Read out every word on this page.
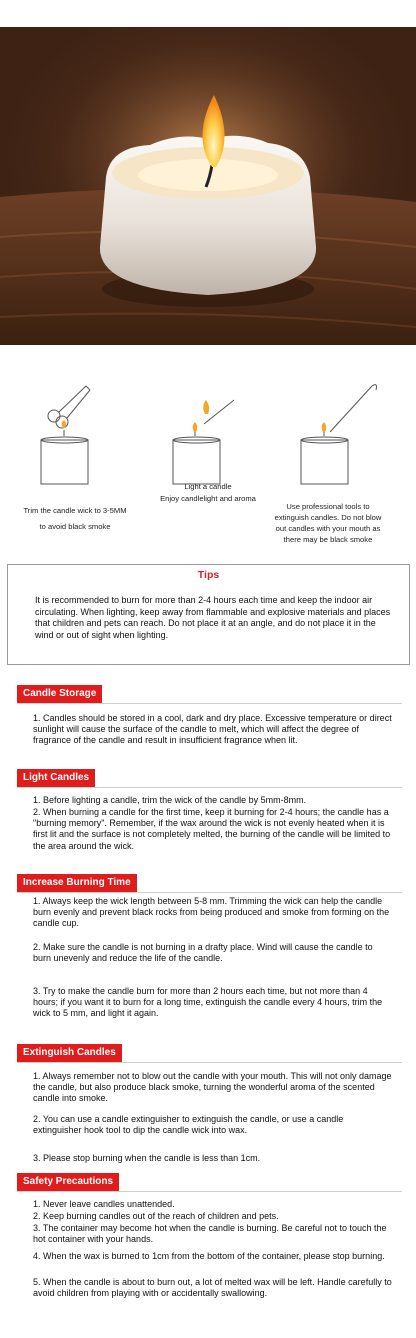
Trim the candle wick to 3-5MM
to avoid black smoke
Light a candle
Enjoy candlelight and aroma
Use professional tools to
extinguish candles. Do not blow
out candles with your mouth as
there may be black smoke
Tips
It is recommended to burn for more than 2-4 hours each time and keep the indoor air circulating. When lighting, keep away from flammable and explosive materials and places that children and pets can reach. Do not place it at an angle, and do not place it in the wind or out of sight when lighting.
Candle Storage
1. Candles should be stored in a cool, dark and dry place. Excessive temperature or direct sunlight will cause the surface of the candle to melt, which will affect the degree of fragrance of the candle and result in insufficient fragrance when lit.
Light Candles
1. Before lighting a candle, trim the wick of the candle by 5mm-8mm.
2. When burning a candle for the first time, keep it burning for 2-4 hours; the candle has a "burning memory". Remember, if the wax around the wick is not evenly heated when it is first lit and the surface is not completely melted, the burning of the candle will be limited to the area around the wick.
Increase Burning Time
1. Always keep the wick length between 5-8 mm. Trimming the wick can help the candle burn evenly and prevent black rocks from being produced and smoke from forming on the candle cup.
2. Make sure the candle is not burning in a drafty place. Wind will cause the candle to burn unevenly and reduce the life of the candle.
3. Try to make the candle burn for more than 2 hours each time, but not more than 4 hours; if you want it to burn for a long time, extinguish the candle every 4 hours, trim the wick to 5 mm, and light it again.
Extinguish Candles
1. Always remember not to blow out the candle with your mouth. This will not only damage the candle, but also produce black smoke, turning the wonderful aroma of the scented candle into smoke.
2. You can use a candle extinguisher to extinguish the candle, or use a candle extinguisher hook tool to dip the candle wick into wax.
3. Please stop burning when the candle is less than 1cm.
Safety Precautions
1. Never leave candles unattended.
2. Keep burning candles out of the reach of children and pets.
3. The container may become hot when the candle is burning. Be careful not to touch the hot container with your hands.
4. When the wax is burned to 1cm from the bottom of the container, please stop burning.
5. When the candle is about to burn out, a lot of melted wax will be left. Handle carefully to avoid children from playing with or accidentally swallowing.
